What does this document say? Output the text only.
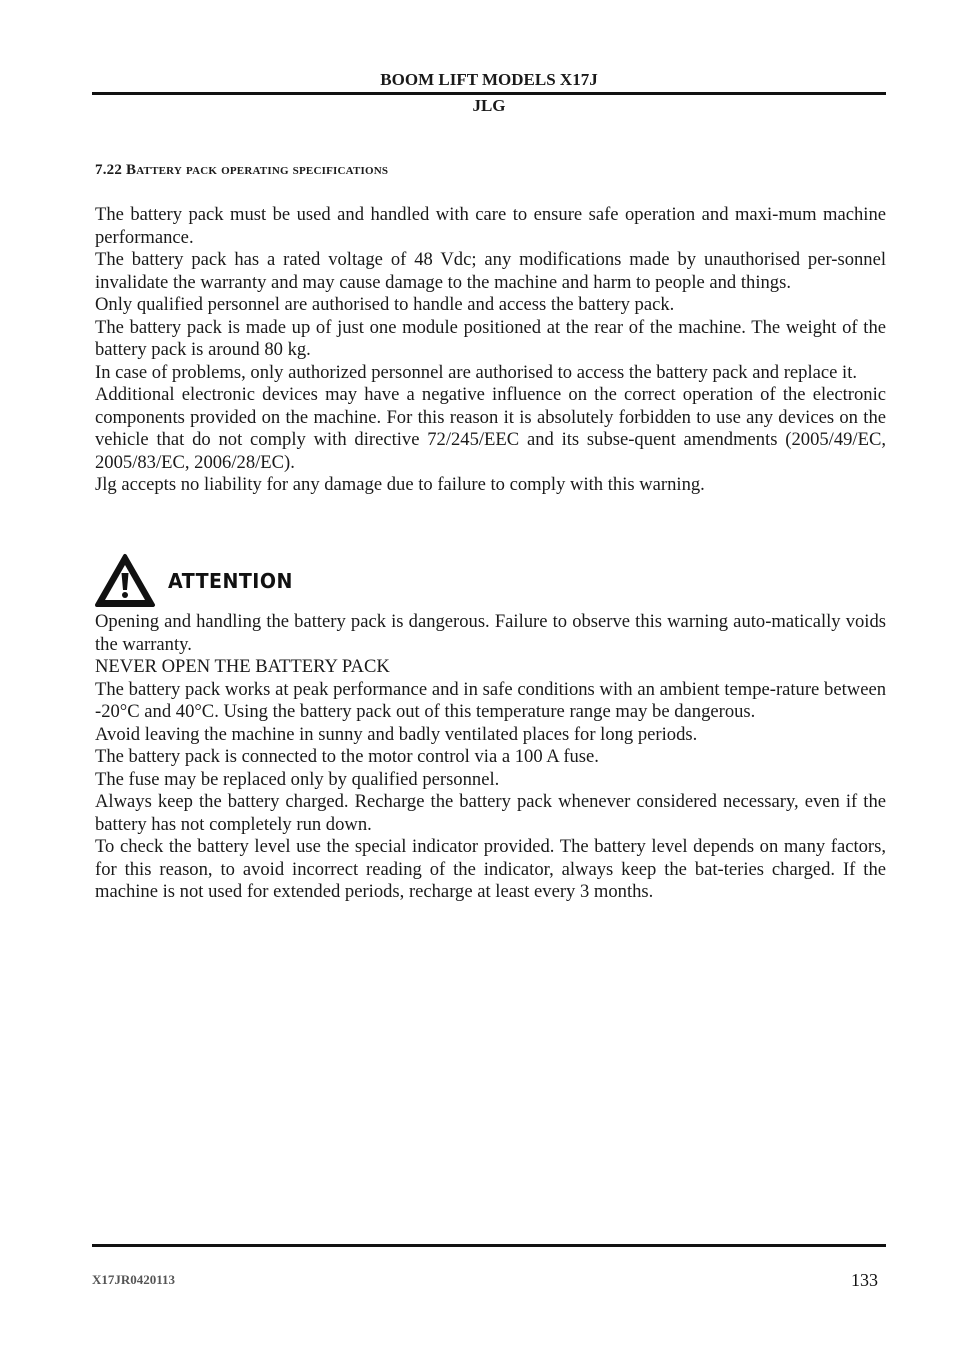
BOOM LIFT MODELS X17J
JLG
7.22 Battery pack operating specifications

The battery pack must be used and handled with care to ensure safe operation and maxi-mum machine performance.

The battery pack has a rated voltage of 48 Vdc; any modifications made by unauthorised per-sonnel invalidate the warranty and may cause damage to the machine and harm to people and things.

Only qualified personnel are authorised to handle and access the battery pack.

The battery pack is made up of just one module positioned at the rear of the machine. The weight of the battery pack is around 80 kg.

In case of problems, only authorized personnel are authorised to access the battery pack and replace it.

Additional electronic devices may have a negative influence on the correct operation of the electronic components provided on the machine. For this reason it is absolutely forbidden to use any devices on the vehicle that do not comply with directive 72/245/EEC and its subse-quent amendments (2005/49/EC, 2005/83/EC, 2006/28/EC).

Jlg accepts no liability for any damage due to failure to comply with this warning.

ATTENTION

Opening and handling the battery pack is dangerous. Failure to observe this warning auto-matically voids the warranty.

NEVER OPEN THE BATTERY PACK

The battery pack works at peak performance and in safe conditions with an ambient tempe-rature between -20°C and 40°C. Using the battery pack out of this temperature range may be dangerous.

Avoid leaving the machine in sunny and badly ventilated places for long periods.

The battery pack is connected to the motor control via a 100 A fuse.

The fuse may be replaced only by qualified personnel.

Always keep the battery charged. Recharge the battery pack whenever considered necessary, even if the battery has not completely run down.

To check the battery level use the special indicator provided. The battery level depends on many factors, for this reason, to avoid incorrect reading of the indicator, always keep the bat-teries charged. If the machine is not used for extended periods, recharge at least every 3 months.

X17JR0420113	133
